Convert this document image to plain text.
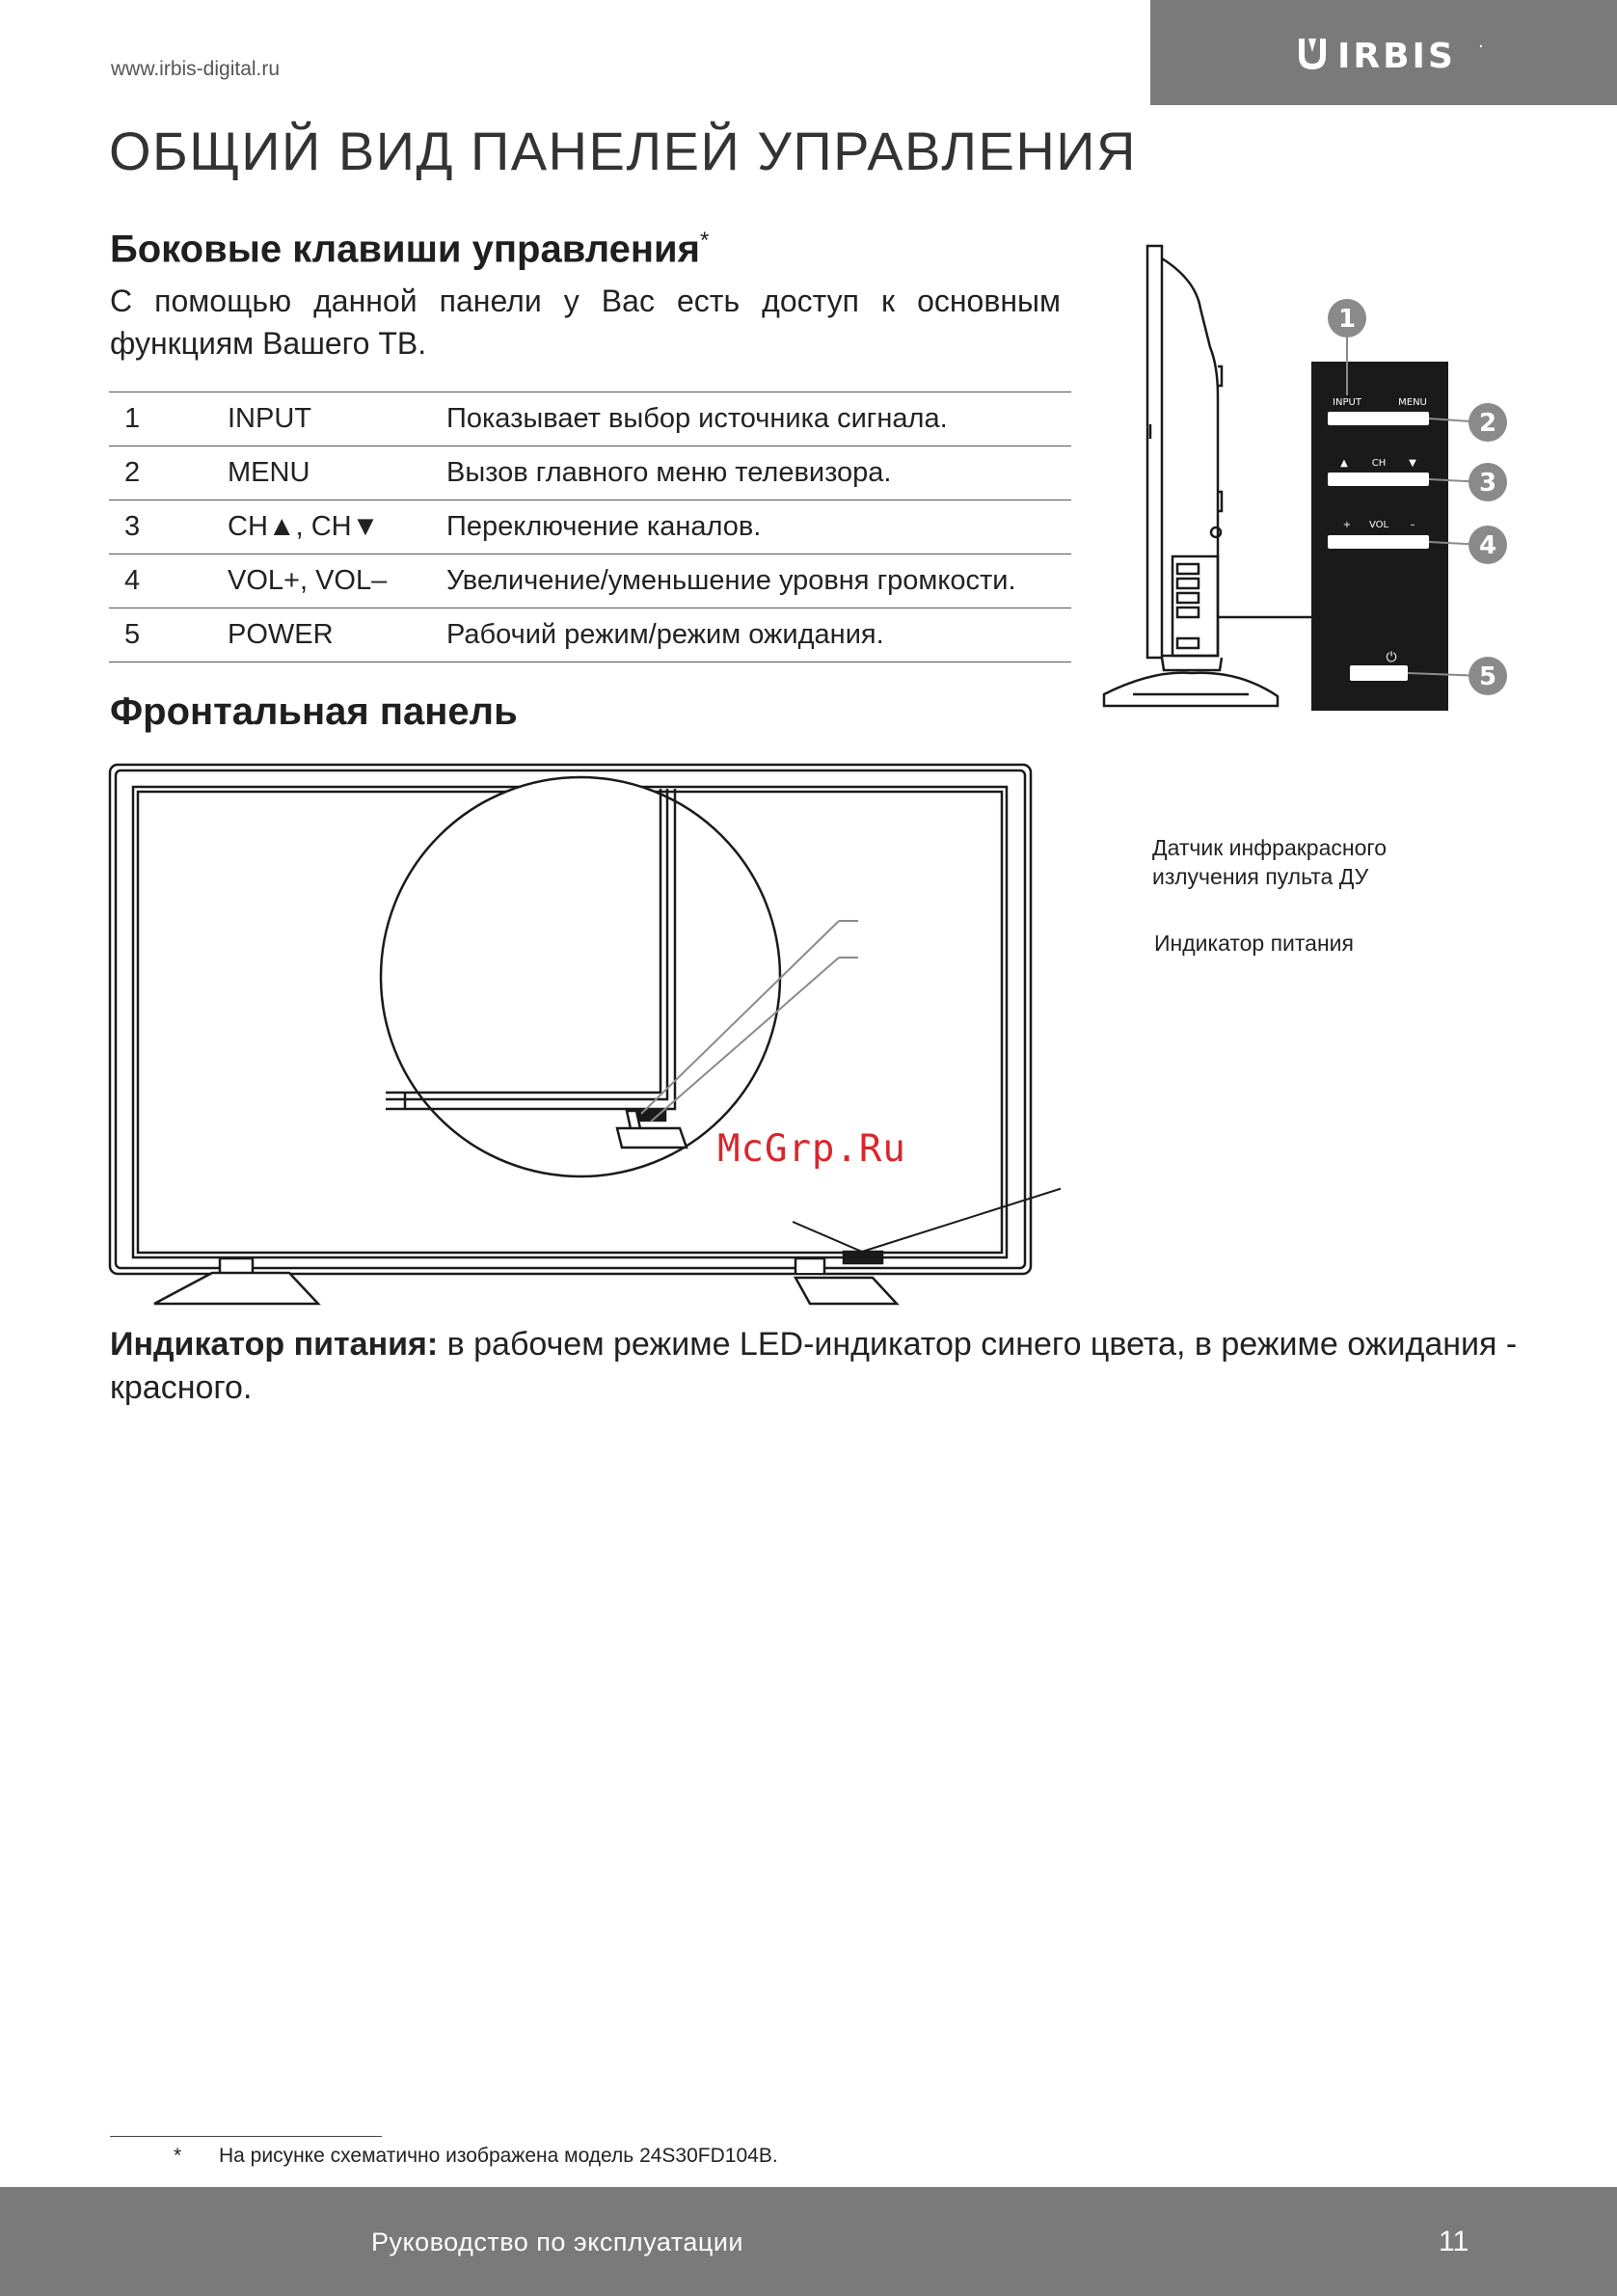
www.irbis-digital.ru	IRBIS ·
ОБЩИЙ ВИД ПАНЕЛЕЙ УПРАВЛЕНИЯ
Боковые клавиши управления*
С помощью данной панели у Вас есть доступ к основным функциям Вашего ТВ.
1	INPUT	Показывает выбор источника сигнала.
2	MENU	Вызов главного меню телевизора.
3	CH▲, CH▼	Переключение каналов.
4	VOL+, VOL–	Увеличение/уменьшение уровня громкости.
5	POWER	Рабочий режим/режим ожидания.
INPUT	MENU
▲ CH ▼
+ VOL –
⏻
1
2
3
4
5
Фронтальная панель
Датчик инфракрасного
излучения пульта ДУ
Индикатор питания
McGrp.Ru
Индикатор питания: в рабочем режиме LED-индикатор синего цвета, в режиме ожидания - красного.
* На рисунке схематично изображена модель 24S30FD104B.
Руководство по эксплуатации	11
